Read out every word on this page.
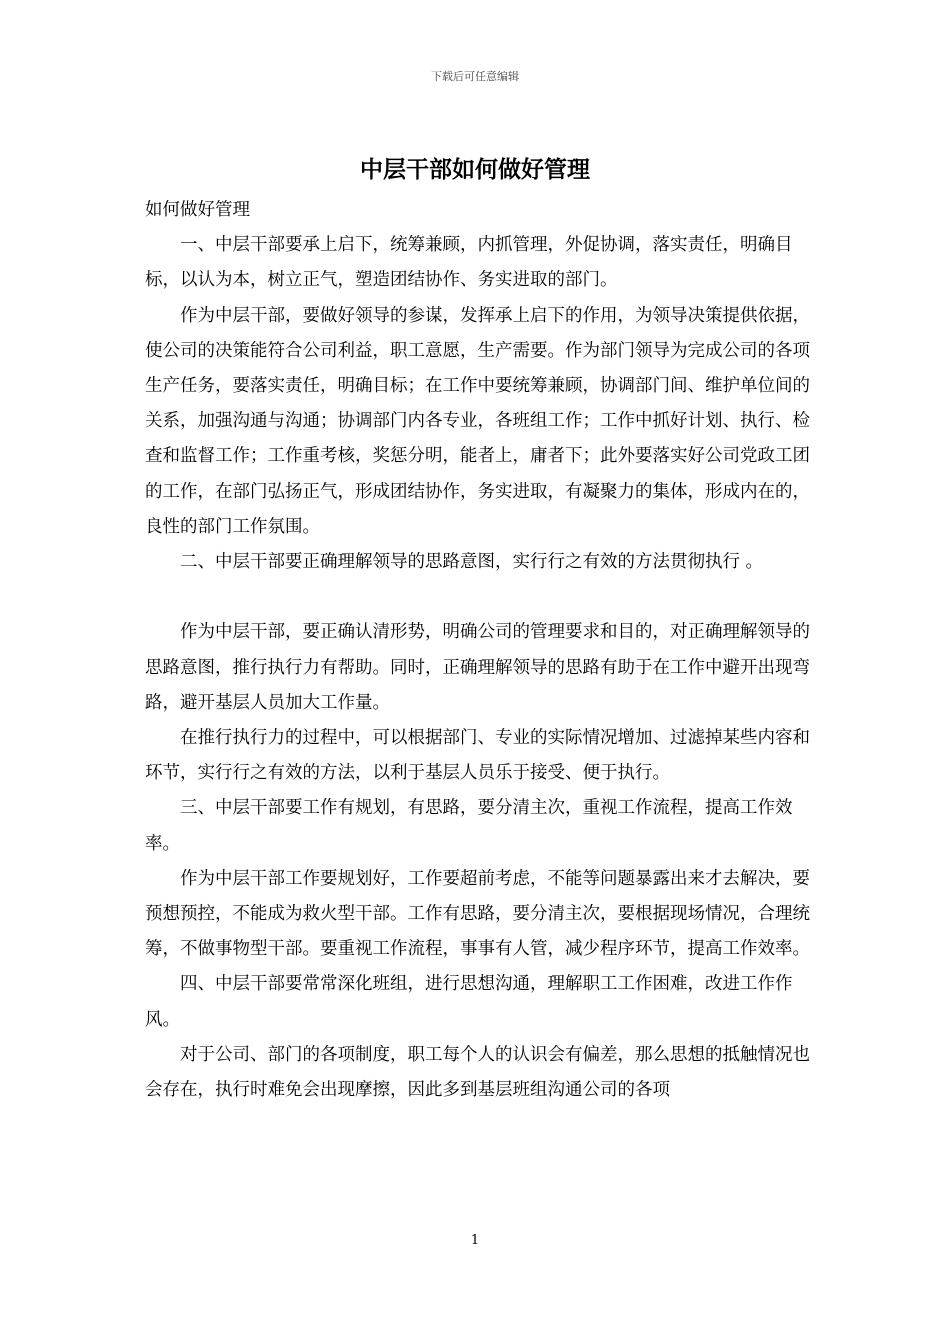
下载后可任意编辑
中层干部如何做好管理

如何做好管理

一、中层干部要承上启下，统筹兼顾，内抓管理，外促协调，落实责任，明确目标，以认为本，树立正气，塑造团结协作、务实进取的部门。

作为中层干部，要做好领导的参谋，发挥承上启下的作用，为领导决策提供依据，使公司的决策能符合公司利益，职工意愿，生产需要。作为部门领导为完成公司的各项生产任务，要落实责任，明确目标；在工作中要统筹兼顾，协调部门间、维护单位间的关系，加强沟通与沟通；协调部门内各专业，各班组工作；工作中抓好计划、执行、检查和监督工作；工作重考核，奖惩分明，能者上，庸者下；此外要落实好公司党政工团的工作，在部门弘扬正气，形成团结协作，务实进取，有凝聚力的集体，形成内在的，良性的部门工作氛围。

二、中层干部要正确理解领导的思路意图，实行行之有效的方法贯彻执行 。

作为中层干部，要正确认清形势，明确公司的管理要求和目的，对正确理解领导的思路意图，推行执行力有帮助。同时，正确理解领导的思路有助于在工作中避开出现弯路，避开基层人员加大工作量。

在推行执行力的过程中，可以根据部门、专业的实际情况增加、过滤掉某些内容和环节，实行行之有效的方法，以利于基层人员乐于接受、便于执行。

三、中层干部要工作有规划，有思路，要分清主次，重视工作流程，提高工作效率。

作为中层干部工作要规划好，工作要超前考虑，不能等问题暴露出来才去解决，要预想预控，不能成为救火型干部。工作有思路，要分清主次，要根据现场情况，合理统筹，不做事物型干部。要重视工作流程，事事有人管，减少程序环节，提高工作效率。

四、中层干部要常常深化班组，进行思想沟通，理解职工工作困难，改进工作作风。

对于公司、部门的各项制度，职工每个人的认识会有偏差，那么思想的抵触情况也会存在，执行时难免会出现摩擦，因此多到基层班组沟通公司的各项

1
